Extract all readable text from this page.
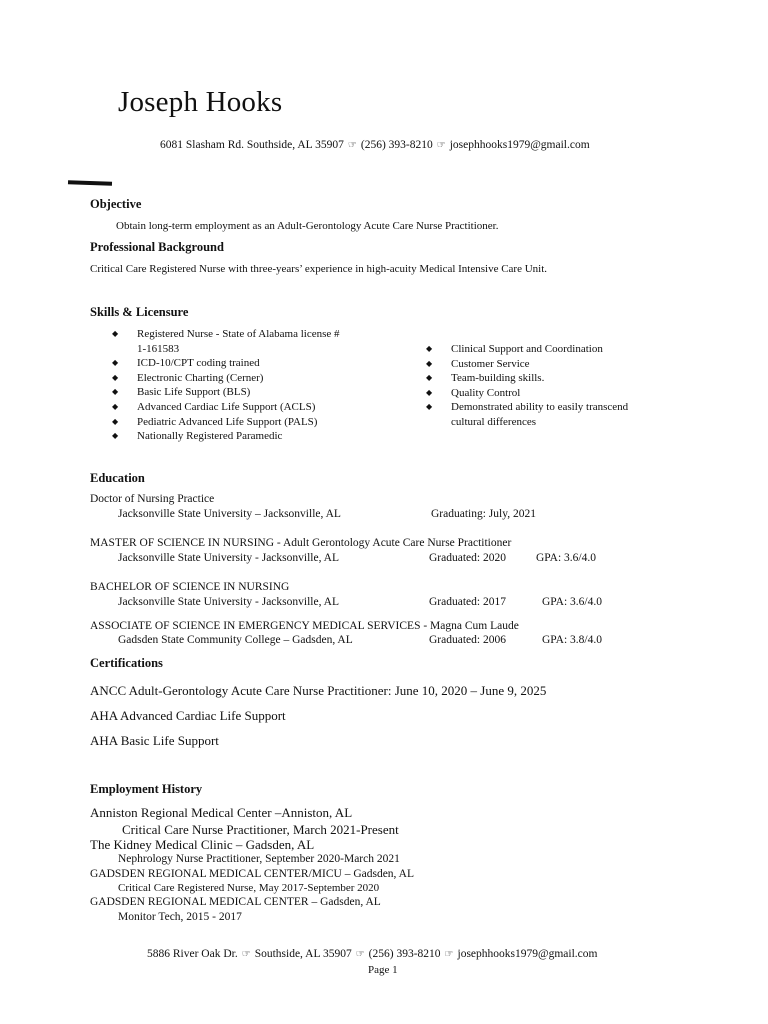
Joseph Hooks
6081 Slasham Rd. Southside, AL 35907 ☞ (256) 393-8210 ☞ josephhooks1979@gmail.com
Objective
Obtain long-term employment as an Adult-Gerontology Acute Care Nurse Practitioner.
Professional Background
Critical Care Registered Nurse with three-years’ experience in high-acuity Medical Intensive Care Unit.
Skills & Licensure
◆ Registered Nurse - State of Alabama license #
1-161583
◆ ICD-10/CPT coding trained
◆ Electronic Charting (Cerner)
◆ Basic Life Support (BLS)
◆ Advanced Cardiac Life Support (ACLS)
◆ Pediatric Advanced Life Support (PALS)
◆ Nationally Registered Paramedic
◆ Clinical Support and Coordination
◆ Customer Service
◆ Team-building skills.
◆ Quality Control
◆ Demonstrated ability to easily transcend
cultural differences
Education
Doctor of Nursing Practice
Jacksonville State University – Jacksonville, AL	Graduating: July, 2021
MASTER OF SCIENCE IN NURSING - Adult Gerontology Acute Care Nurse Practitioner
Jacksonville State University - Jacksonville, AL	Graduated: 2020	GPA: 3.6/4.0
BACHELOR OF SCIENCE IN NURSING
Jacksonville State University - Jacksonville, AL	Graduated: 2017	GPA: 3.6/4.0
ASSOCIATE OF SCIENCE IN EMERGENCY MEDICAL SERVICES - Magna Cum Laude
Gadsden State Community College – Gadsden, AL	Graduated: 2006	GPA: 3.8/4.0
Certifications
ANCC Adult-Gerontology Acute Care Nurse Practitioner: June 10, 2020 – June 9, 2025
AHA Advanced Cardiac Life Support
AHA Basic Life Support
Employment History
Anniston Regional Medical Center –Anniston, AL
Critical Care Nurse Practitioner, March 2021-Present
The Kidney Medical Clinic – Gadsden, AL
Nephrology Nurse Practitioner, September 2020-March 2021
GADSDEN REGIONAL MEDICAL CENTER/MICU – Gadsden, AL
Critical Care Registered Nurse, May 2017-September 2020
GADSDEN REGIONAL MEDICAL CENTER – Gadsden, AL
Monitor Tech, 2015 - 2017
5886 River Oak Dr. ☞ Southside, AL 35907 ☞ (256) 393-8210 ☞ josephhooks1979@gmail.com
Page 1
